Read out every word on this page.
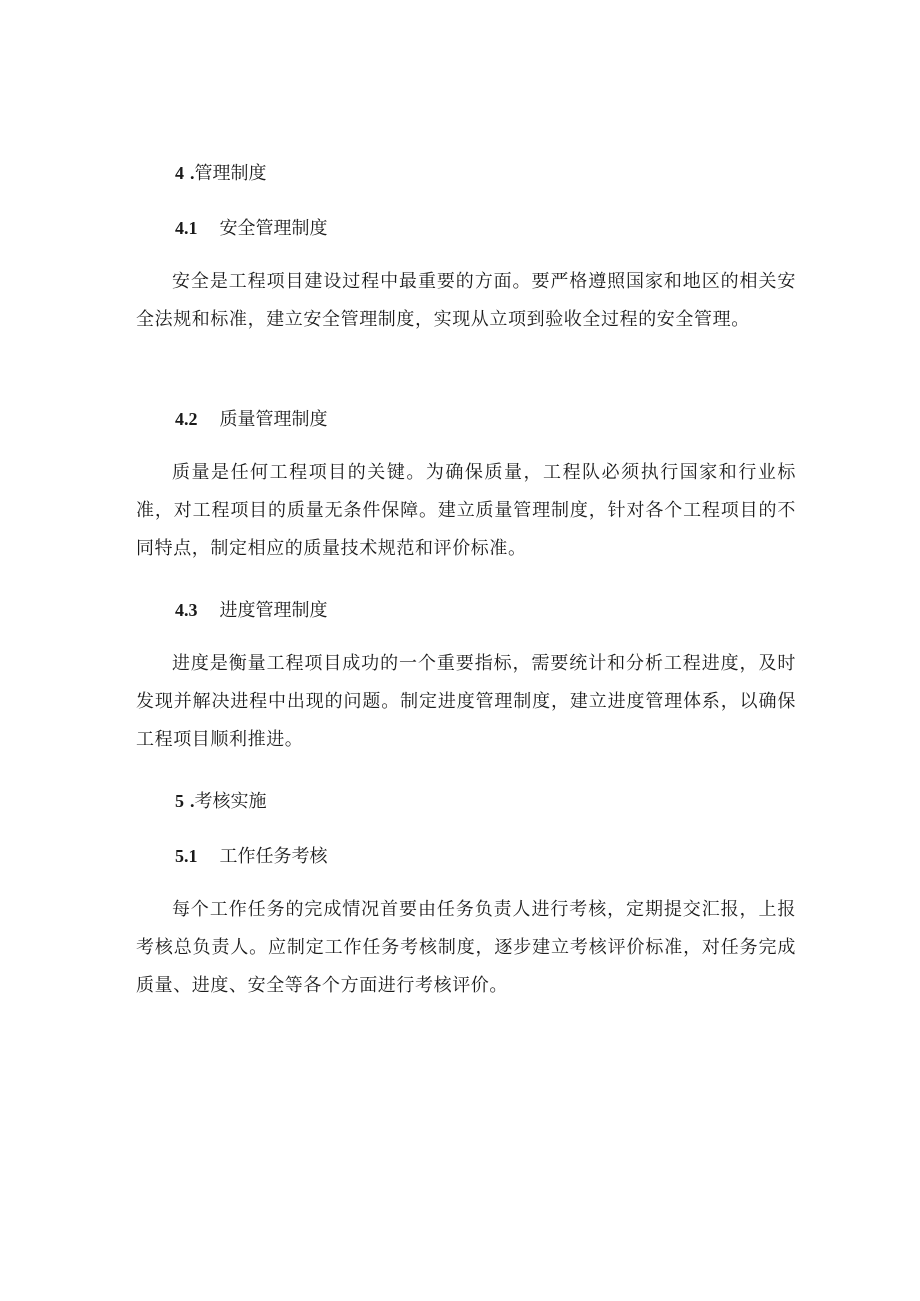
4 .管理制度
4.1 安全管理制度
安全是工程项目建设过程中最重要的方面。要严格遵照国家和地区的相关安全法规和标准，建立安全管理制度，实现从立项到验收全过程的安全管理。
4.2 质量管理制度
质量是任何工程项目的关键。为确保质量，工程队必须执行国家和行业标准，对工程项目的质量无条件保障。建立质量管理制度，针对各个工程项目的不同特点，制定相应的质量技术规范和评价标准。
4.3 进度管理制度
进度是衡量工程项目成功的一个重要指标，需要统计和分析工程进度，及时发现并解决进程中出现的问题。制定进度管理制度，建立进度管理体系，以确保工程项目顺利推进。
5 .考核实施
5.1 工作任务考核
每个工作任务的完成情况首要由任务负责人进行考核，定期提交汇报，上报考核总负责人。应制定工作任务考核制度，逐步建立考核评价标准，对任务完成质量、进度、安全等各个方面进行考核评价。
